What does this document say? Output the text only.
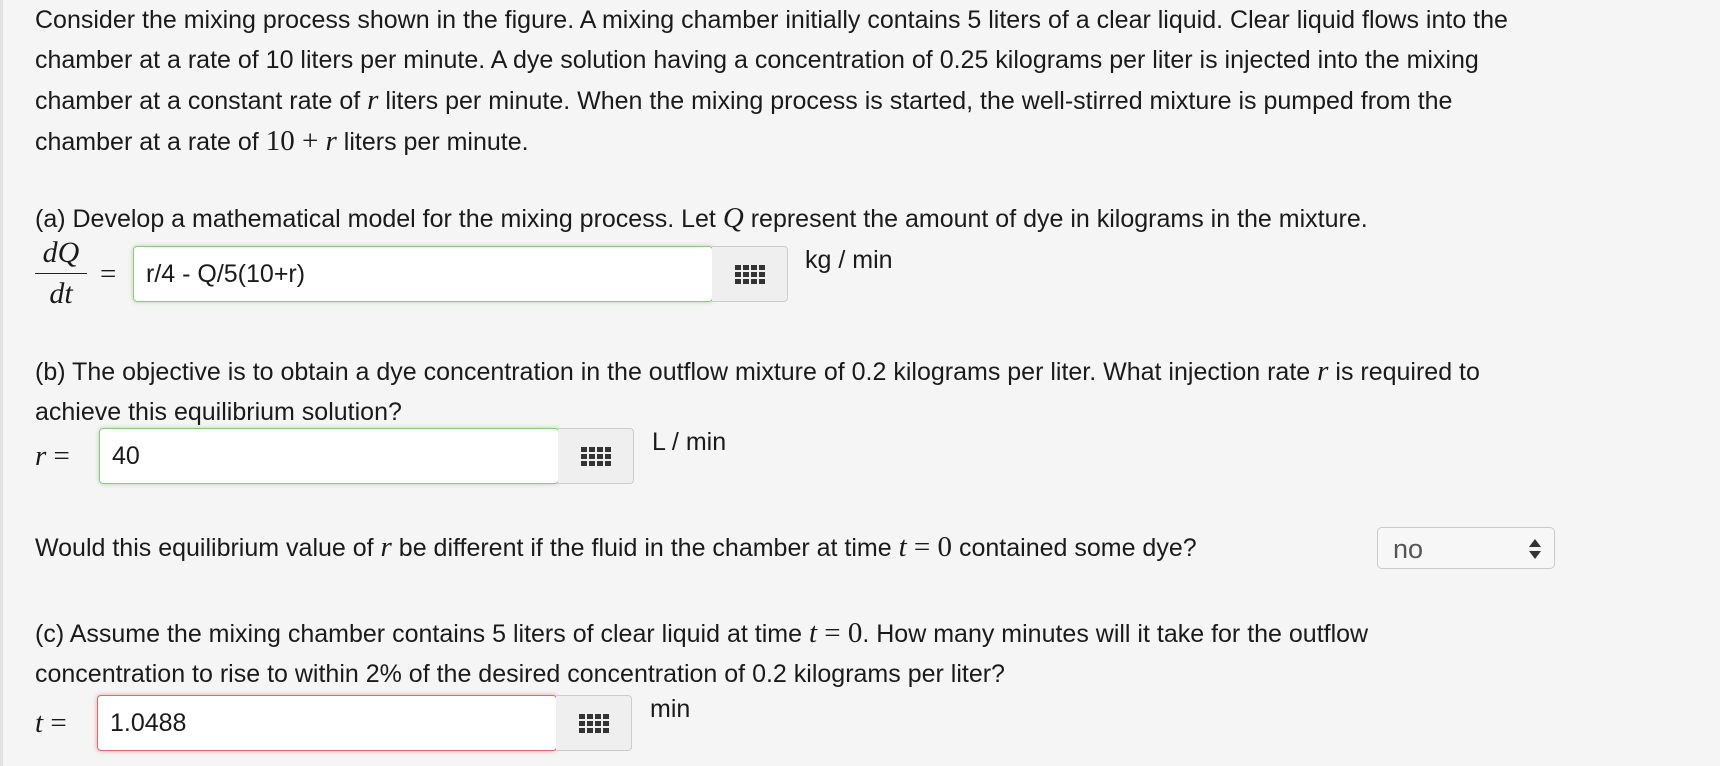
Consider the mixing process shown in the figure. A mixing chamber initially contains 5 liters of a clear liquid. Clear liquid flows into the

chamber at a rate of 10 liters per minute. A dye solution having a concentration of 0.25 kilograms per liter is injected into the mixing

chamber at a constant rate of r liters per minute. When the mixing process is started, the well-stirred mixture is pumped from the

chamber at a rate of 10 + r liters per minute.

(a) Develop a mathematical model for the mixing process. Let Q represent the amount of dye in kilograms in the mixture.

dQ
dt
=
r/4 - Q/5(10+r)	kg / min

(b) The objective is to obtain a dye concentration in the outflow mixture of 0.2 kilograms per liter. What injection rate r is required to

achieve this equilibrium solution?

r =
40	L / min

Would this equilibrium value of r be different if the fluid in the chamber at time t = 0 contained some dye?	no

(c) Assume the mixing chamber contains 5 liters of clear liquid at time t = 0. How many minutes will it take for the outflow

concentration to rise to within 2% of the desired concentration of 0.2 kilograms per liter?

t =
1.0488	min
